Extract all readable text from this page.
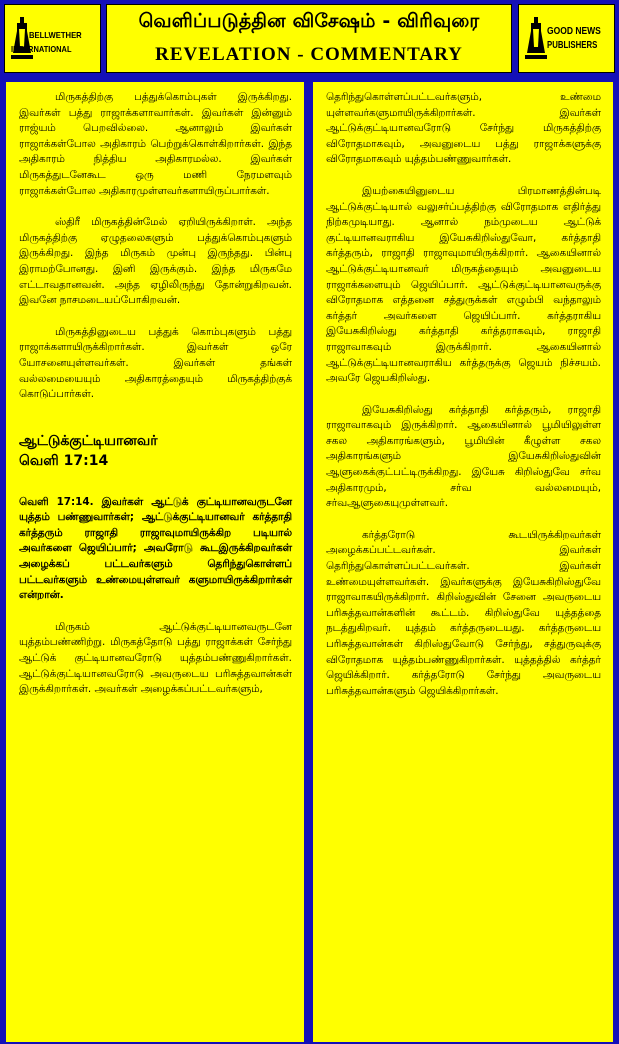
BELLWETHER
INTERNATIONAL
வெளிப்படுத்தின விசேஷம் - விரிவுரை
REVELATION - COMMENTARY
GOOD NEWS
PUBLISHERS

மிருகத்திற்கு பத்துக்கொம்புகள் இருக்கிறது. இவர்கள் பத்து ராஜாக்களாவார்கள். இவர்கள் இன்னும் ராஜ்யம் பெறவில்லை. ஆனாலும் இவர்கள் ராஜாக்கள்போல அதிகாரம் பெற்றுக்கொள்கிறார்கள். இந்த அதிகாரம் நித்திய அதிகாரமல்ல. இவர்கள் மிருகத்துடனேகூட ஒரு மணி நேரமளவும் ராஜாக்கள்போல அதிகாரமுள்ளவர்களாயிருப்பார்கள்.

ஸ்திரீ மிருகத்தின்மேல் ஏறியிருக்கிறாள். அந்த மிருகத்திற்கு ஏழுதலைகளும் பத்துக்கொம்புகளும் இருக்கிறது. இந்த மிருகம் முன்பு இருந்தது. பின்பு இராமற்போனது. இனி இருக்கும். இந்த மிருகமே எட்டாவதானவன். அந்த ஏழிலிருந்து தோன்றுகிறவன். இவனே நாசமடையப்போகிறவன்.

மிருகத்தினுடைய பத்துக் கொம்புகளும் பத்து ராஜாக்களாயிருக்கிறார்கள். இவர்கள் ஒரே யோசனையுள்ளவர்கள். இவர்கள் தங்கள் வல்லமையையும் அதிகாரத்தையும் மிருகத்திற்குக் கொடுப்பார்கள்.

ஆட்டுக்குட்டியானவர்
வெளி 17:14

வெளி 17:14. இவர்கள் ஆட்டுக் குட்டியானவருடனே யுத்தம் பண்ணுவார்கள்; ஆட்டுக்குட்டியானவர் கர்த்தாதி கர்த்தரும் ராஜாதி ராஜாவுமாயிருக்கிற படியால் அவர்களை ஜெயிப்பார்; அவரோடு கூடஇருக்கிறவர்கள் அழைக்கப் பட்டவர்களும் தெரிந்துகொள்ளப் பட்டவர்களும் உண்மையுள்ளவர் களுமாயிருக்கிறார்கள் என்றான்.

மிருகம் ஆட்டுக்குட்டியானவருடனே யுத்தம்பண்ணிற்று. மிருகத்தோடு பத்து ராஜாக்கள் சேர்ந்து ஆட்டுக் குட்டியானவரோடு யுத்தம்பண்ணுகிறார்கள். ஆட்டுக்குட்டியானவரோடு அவருடைய பரிசுத்தவான்கள் இருக்கிறார்கள். அவர்கள் அழைக்கப்பட்டவர்களும்,

தெரிந்துகொள்ளப்பட்டவர்களும், உண்மை யுள்ளவர்களுமாயிருக்கிறார்கள். இவர்கள் ஆட்டுக்குட்டியானவரோடு சேர்ந்து மிருகத்திற்கு விரோதமாகவும், அவனுடைய பத்து ராஜாக்களுக்கு விரோதமாகவும் யுத்தம்பண்ணுவார்கள்.

இயற்கையினுடைய பிரமாணத்தின்படி ஆட்டுக்குட்டியால் வலுசர்ப்பத்திற்கு விரோதமாக எதிர்த்து நிற்கமுடியாது. ஆனால் நம்முடைய ஆட்டுக் குட்டியானவராகிய இயேசுகிறிஸ்துவோ, கர்த்தாதி கர்த்தரும், ராஜாதி ராஜாவுமாயிருக்கிறார். ஆகையினால் ஆட்டுக்குட்டியானவர் மிருகத்தையும் அவனுடைய ராஜாக்களையும் ஜெயிப்பார். ஆட்டுக்குட்டியானவருக்கு விரோதமாக எத்தனை சத்துருக்கள் எழும்பி வந்தாலும் கர்த்தர் அவர்களை ஜெயிப்பார். கர்த்தராகிய இயேசுகிறிஸ்து கர்த்தாதி கர்த்தராகவும், ராஜாதி ராஜாவாகவும் இருக்கிறார். ஆகையினால் ஆட்டுக்குட்டியானவராகிய கர்த்தருக்கு ஜெயம் நிச்சயம். அவரே ஜெயகிறிஸ்து.

இயேசுகிறிஸ்து கர்த்தாதி கர்த்தரும், ராஜாதி ராஜாவாகவும் இருக்கிறார். ஆகையினால் பூமியிலுள்ள சகல அதிகாரங்களும், பூமியின் கீழுள்ள சகல அதிகாரங்களும் இயேசுகிறிஸ்துவின் ஆளுகைக்குட்பட்டிருக்கிறது. இயேசு கிறிஸ்துவே சர்வ அதிகாரமும், சர்வ வல்லமையும், சர்வஆளுகையுமுள்ளவர்.

கர்த்தரோடு கூடயிருக்கிறவர்கள் அழைக்கப்பட்டவர்கள். இவர்கள் தெரிந்துகொள்ளப்பட்டவர்கள். இவர்கள் உண்மையுள்ளவர்கள். இவர்களுக்கு இயேசுகிறிஸ்துவே ராஜாவாகயிருக்கிறார். கிறிஸ்துவின் சேனை அவருடைய பரிசுத்தவான்களின் கூட்டம். கிறிஸ்துவே யுத்தத்தை நடத்துகிறவர். யுத்தம் கர்த்தருடையது. கர்த்தருடைய பரிசுத்தவான்கள் கிறிஸ்துவோடு சேர்ந்து, சத்துருவுக்கு விரோதமாக யுத்தம்பண்ணுகிறார்கள். யுத்தத்தில் கர்த்தர் ஜெயிக்கிறார். கர்த்தரோடு சேர்ந்து அவருடைய பரிசுத்தவான்களும் ஜெயிக்கிறார்கள்.
